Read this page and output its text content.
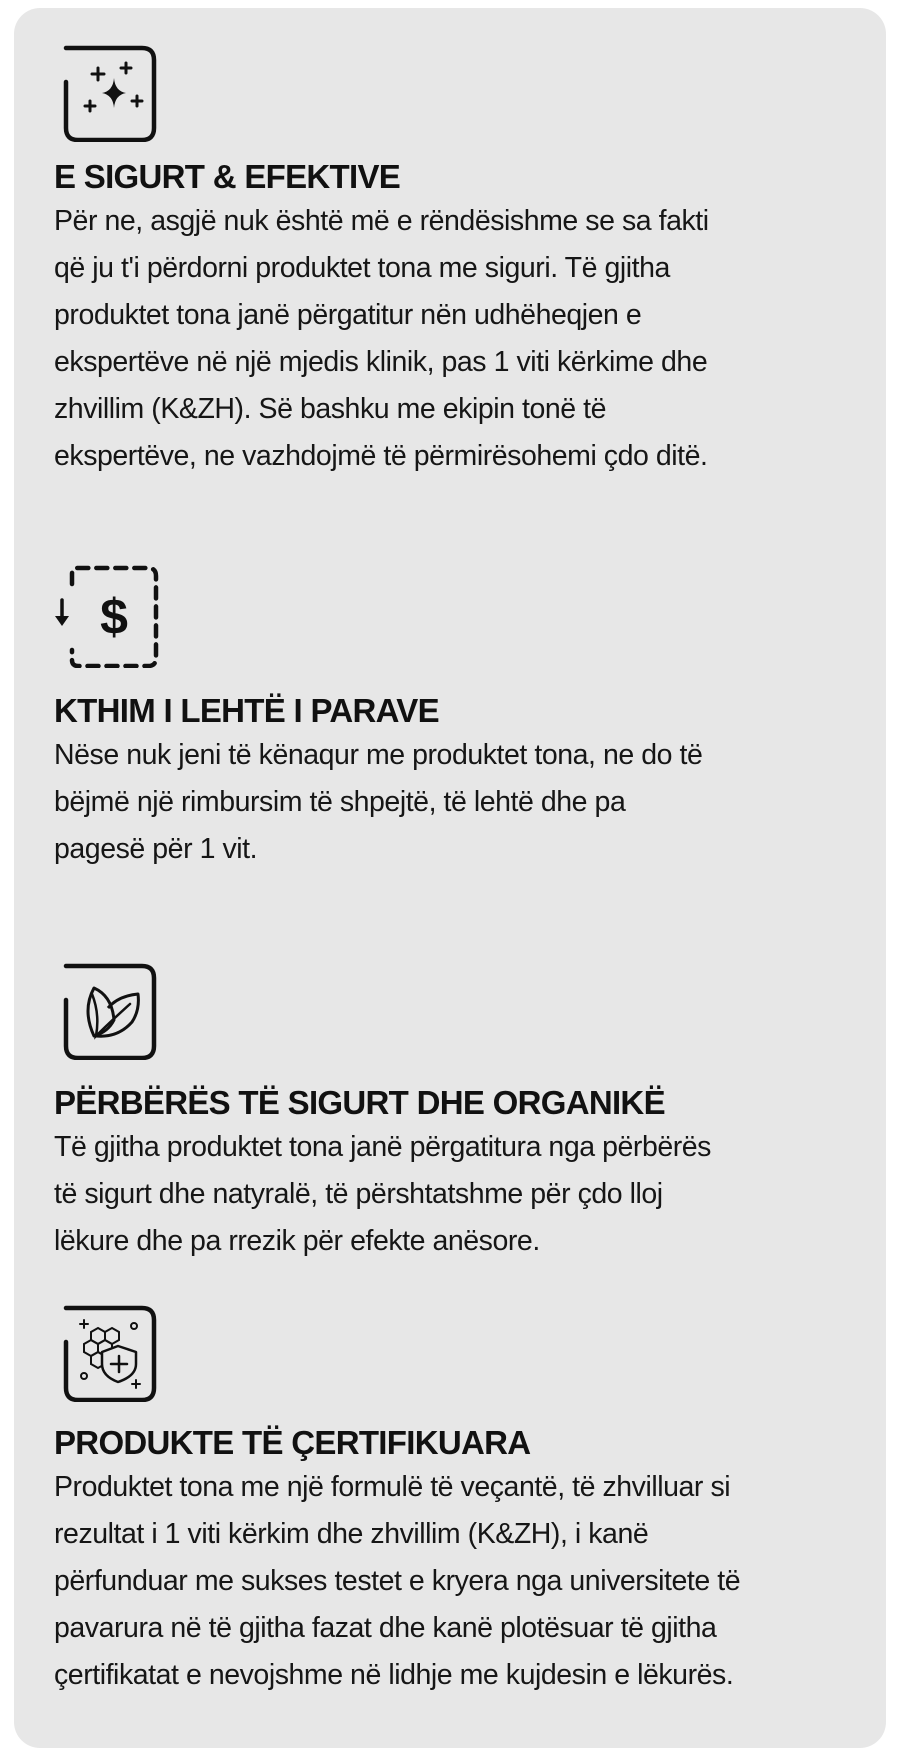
E SIGURT & EFEKTIVE

Për ne, asgjë nuk është më e rëndësishme se sa fakti
që ju t'i përdorni produktet tona me siguri. Të gjitha
produktet tona janë përgatitur nën udhëheqjen e
ekspertëve në një mjedis klinik, pas 1 viti kërkime dhe
zhvillim (K&ZH). Së bashku me ekipin tonë të
ekspertëve, ne vazhdojmë të përmirësohemi çdo ditë.

$
KTHIM I LEHTË I PARAVE

Nëse nuk jeni të kënaqur me produktet tona, ne do të
bëjmë një rimbursim të shpejtë, të lehtë dhe pa
pagesë për 1 vit.

PËRBËRËS TË SIGURT DHE ORGANIKË

Të gjitha produktet tona janë përgatitura nga përbërës
të sigurt dhe natyralë, të përshtatshme për çdo lloj
lëkure dhe pa rrezik për efekte anësore.

PRODUKTE TË ÇERTIFIKUARA

Produktet tona me një formulë të veçantë, të zhvilluar si
rezultat i 1 viti kërkim dhe zhvillim (K&ZH), i kanë
përfunduar me sukses testet e kryera nga universitete të
pavarura në të gjitha fazat dhe kanë plotësuar të gjitha
çertifikatat e nevojshme në lidhje me kujdesin e lëkurës.
